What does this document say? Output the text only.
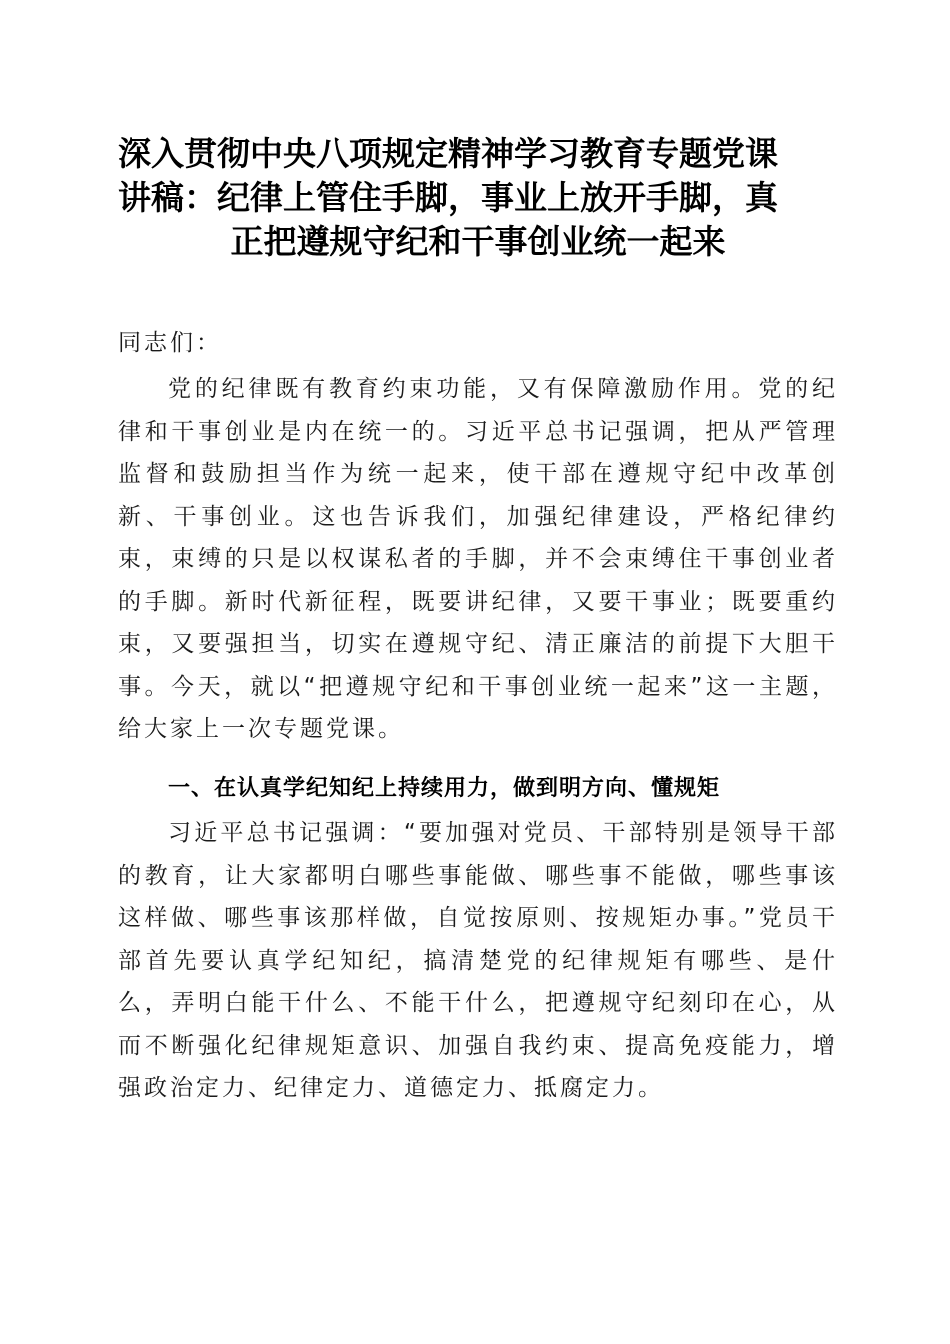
深入贯彻中央八项规定精神学习教育专题党课
讲稿：纪律上管住手脚，事业上放开手脚，真
正把遵规守纪和干事创业统一起来
同志们：
党的纪律既有教育约束功能，又有保障激励作用。党的纪律和干事创业是内在统一的。习近平总书记强调，把从严管理监督和鼓励担当作为统一起来，使干部在遵规守纪中改革创新、干事创业。这也告诉我们，加强纪律建设，严格纪律约束，束缚的只是以权谋私者的手脚，并不会束缚住干事创业者的手脚。新时代新征程，既要讲纪律，又要干事业；既要重约束，又要强担当，切实在遵规守纪、清正廉洁的前提下大胆干事。今天，就以“把遵规守纪和干事创业统一起来”这一主题，给大家上一次专题党课。
一、在认真学纪知纪上持续用力，做到明方向、懂规矩
习近平总书记强调：“要加强对党员、干部特别是领导干部的教育，让大家都明白哪些事能做、哪些事不能做，哪些事该这样做、哪些事该那样做，自觉按原则、按规矩办事。”党员干部首先要认真学纪知纪，搞清楚党的纪律规矩有哪些、是什么，弄明白能干什么、不能干什么，把遵规守纪刻印在心，从而不断强化纪律规矩意识、加强自我约束、提高免疫能力，增强政治定力、纪律定力、道德定力、抵腐定力。
